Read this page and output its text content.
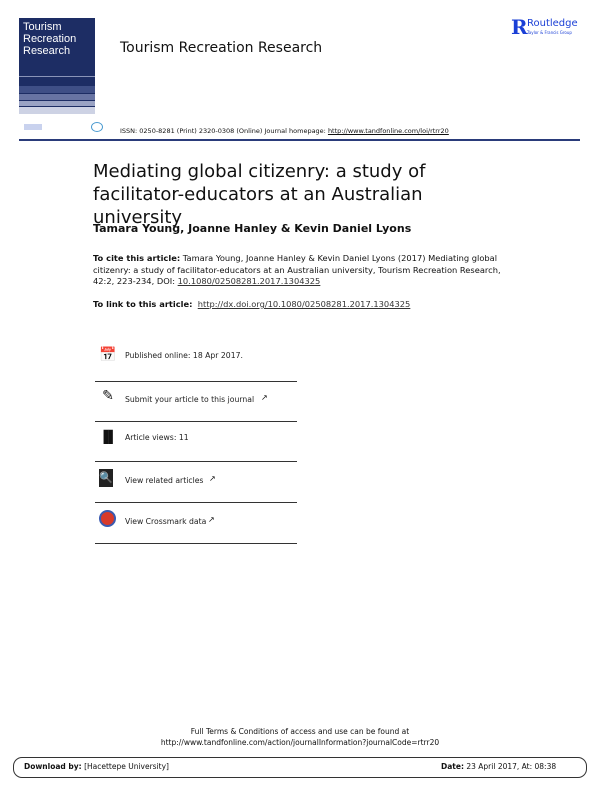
Tourism Recreation Research	Tourism Recreation Research
R Routledge
Taylor & Francis Group
ISSN: 0250-8281 (Print) 2320-0308 (Online) Journal homepage: http://www.tandfonline.com/loi/rtrr20
Mediating global citizenry: a study of facilitator-educators at an Australian university
Tamara Young, Joanne Hanley & Kevin Daniel Lyons
To cite this article: Tamara Young, Joanne Hanley & Kevin Daniel Lyons (2017) Mediating global citizenry: a study of facilitator-educators at an Australian university, Tourism Recreation Research, 42:2, 223-234, DOI: 10.1080/02508281.2017.1304325
To link to this article: http://dx.doi.org/10.1080/02508281.2017.1304325
📅 Published online: 18 Apr 2017.
✎	Submit your article to this journal ↗
▐▌ Article views: 11
🔍 View related articles ↗
View Crossmark data ↗
Full Terms & Conditions of access and use can be found at
http://www.tandfonline.com/action/journalInformation?journalCode=rtrr20
Download by: [Hacettepe University]	Date: 23 April 2017, At: 08:38
